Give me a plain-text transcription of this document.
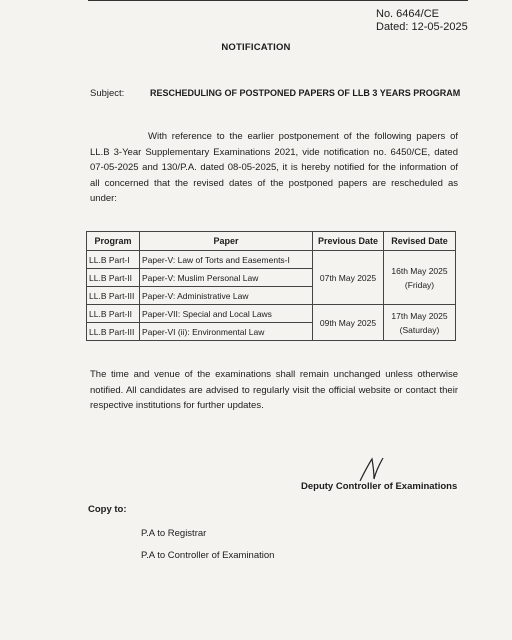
No. 6464/CE
Dated: 12-05-2025
NOTIFICATION
Subject:	RESCHEDULING OF POSTPONED PAPERS OF LLB 3 YEARS PROGRAM
With reference to the earlier postponement of the following papers of LL.B 3-Year Supplementary Examinations 2021, vide notification no. 6450/CE, dated 07-05-2025 and 130/P.A. dated 08-05-2025, it is hereby notified for the information of all concerned that the revised dates of the postponed papers are rescheduled as under:
Program	Paper	Previous Date	Revised Date
LL.B Part-I	Paper-V: Law of Torts and Easements-I	07th May 2025	16th May 2025
(Friday)

LL.B Part-II	Paper-V: Muslim Personal Law		
LL.B Part-III	Paper-V: Administrative Law		
LL.B Part-II	Paper-VII: Special and Local Laws	09th May 2025	17th May 2025
(Saturday)

LL.B Part-III	Paper-VI (ii): Environmental Law		
The time and venue of the examinations shall remain unchanged unless otherwise notified. All candidates are advised to regularly visit the official website or contact their respective institutions for further updates.
Deputy Controller of Examinations
Copy to:
P.A to Registrar
P.A to Controller of Examination
